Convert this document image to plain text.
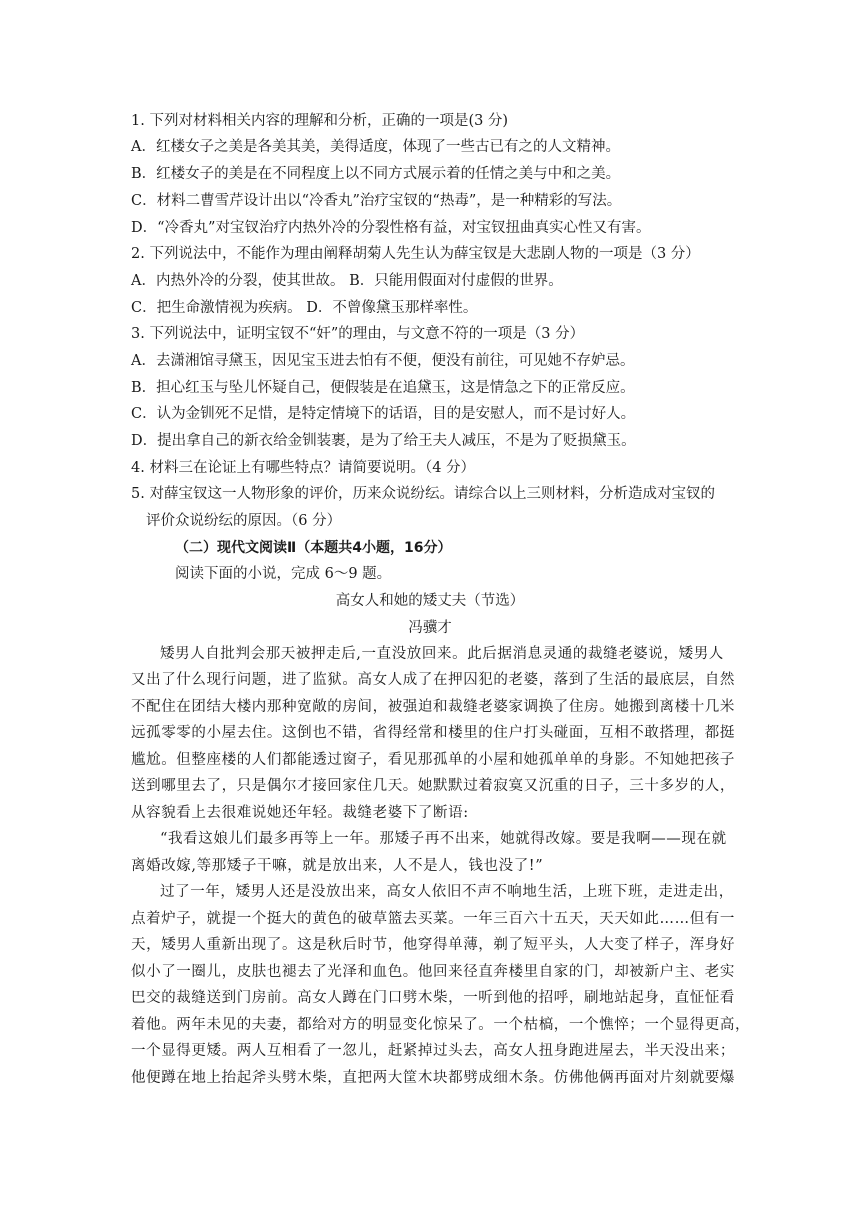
1. 下列对材料相关内容的理解和分析，正确的一项是(3 分)
A．红楼女子之美是各美其美，美得适度，体现了一些古已有之的人文精神。
B．红楼女子的美是在不同程度上以不同方式展示着的任情之美与中和之美。
C．材料二曹雪芹设计出以“冷香丸”治疗宝钗的“热毒”，是一种精彩的写法。
D．“冷香丸”对宝钗治疗内热外冷的分裂性格有益，对宝钗扭曲真实心性又有害。
2. 下列说法中，不能作为理由阐释胡菊人先生认为薛宝钗是大悲剧人物的一项是（3 分）
A．内热外冷的分裂，使其世故。 B．只能用假面对付虚假的世界。
C．把生命激情视为疾病。 D．不曾像黛玉那样率性。
3. 下列说法中，证明宝钗不“奸”的理由，与文意不符的一项是（3 分）
A．去潇湘馆寻黛玉，因见宝玉进去怕有不便，便没有前往，可见她不存妒忌。
B．担心红玉与坠儿怀疑自己，便假装是在追黛玉，这是情急之下的正常反应。
C．认为金钏死不足惜，是特定情境下的话语，目的是安慰人，而不是讨好人。
D．提出拿自己的新衣给金钏装裹，是为了给王夫人减压，不是为了贬损黛玉。
4. 材料三在论证上有哪些特点？请简要说明。（4 分）
5. 对薛宝钗这一人物形象的评价，历来众说纷纭。请综合以上三则材料，分析造成对宝钗的
评价众说纷纭的原因。（6 分）
（二）现代文阅读Ⅱ（本题共4小题，16分）
阅读下面的小说，完成 6～9 题。
高女人和她的矮丈夫（节选）
冯骥才
矮男人自批判会那天被押走后,一直没放回来。此后据消息灵通的裁缝老婆说，矮男人
又出了什么现行问题，进了监狱。高女人成了在押囚犯的老婆，落到了生活的最底层，自然
不配住在团结大楼内那种宽敞的房间，被强迫和裁缝老婆家调换了住房。她搬到离楼十几米
远孤零零的小屋去住。这倒也不错，省得经常和楼里的住户打头碰面，互相不敢搭理，都挺
尴尬。但整座楼的人们都能透过窗子，看见那孤单的小屋和她孤单单的身影。不知她把孩子
送到哪里去了，只是偶尔才接回家住几天。她默默过着寂寞又沉重的日子，三十多岁的人，
从容貌看上去很难说她还年轻。裁缝老婆下了断语:
“我看这娘儿们最多再等上一年。那矮子再不出来，她就得改嫁。要是我啊——现在就
离婚改嫁,等那矮子干嘛，就是放出来，人不是人，钱也没了!”
过了一年，矮男人还是没放出来，高女人依旧不声不响地生活，上班下班，走进走出，
点着炉子，就提一个挺大的黄色的破草篮去买菜。一年三百六十五天，天天如此……但有一
天，矮男人重新出现了。这是秋后时节，他穿得单薄，剃了短平头，人大变了样子，浑身好
似小了一圈儿，皮肤也褪去了光泽和血色。他回来径直奔楼里自家的门，却被新户主、老实
巴交的裁缝送到门房前。高女人蹲在门口劈木柴，一听到他的招呼，刷地站起身，直怔怔看
着他。两年未见的夫妻，都给对方的明显变化惊呆了。一个枯槁，一个憔悴；一个显得更高，
一个显得更矮。两人互相看了一忽儿，赶紧掉过头去，高女人扭身跑进屋去，半天没出来；
他便蹲在地上抬起斧头劈木柴，直把两大筐木块都劈成细木条。仿佛他俩再面对片刻就要爆
